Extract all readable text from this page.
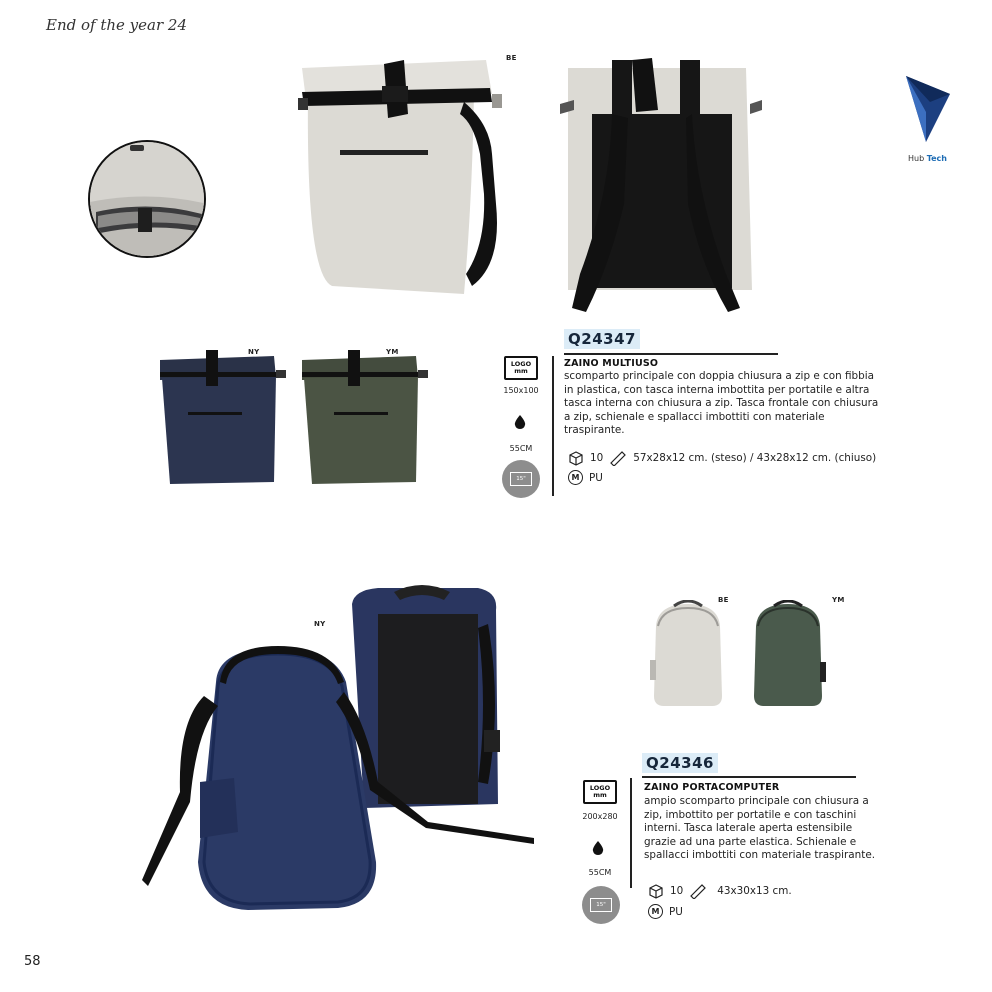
End of the year 24
Hub Tech
BE
NY	YM
Q24347
LOGO
mm
150x100
55CM
15"
ZAINO MULTIUSO
scomparto principale con doppia chiusura a zip e con fibbia in plastica, con tasca interna imbottita per portatile e altra tasca interna con chiusura a zip. Tasca frontale con chiusura a zip, schienale e spallacci imbottiti con materiale traspirante.
10	57x28x12 cm. (steso) / 43x28x12 cm. (chiuso)
M PU
NY
BE	YM
Q24346
LOGO
mm
200x280
55CM
15"
ZAINO PORTACOMPUTER
ampio scomparto principale con chiusura a zip, imbottito per portatile e con taschini interni. Tasca laterale aperta estensibile grazie ad una parte elastica. Schienale e spallacci imbottiti con materiale traspirante.
10	43x30x13 cm.
M PU
58
